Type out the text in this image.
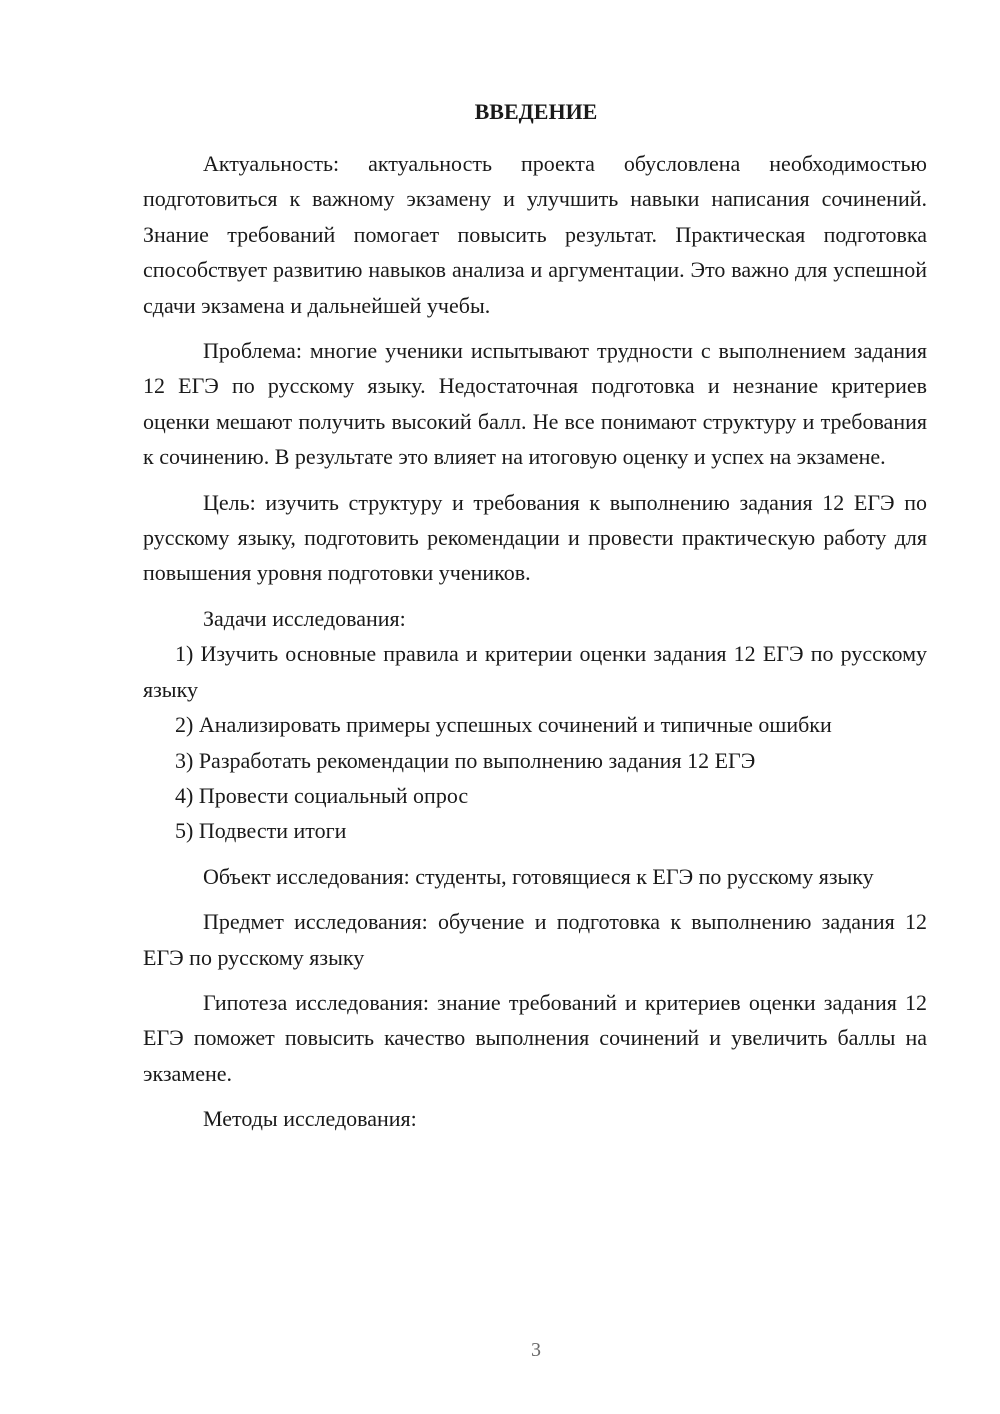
ВВЕДЕНИЕ

Актуальность: актуальность проекта обусловлена необходимостью подготовиться к важному экзамену и улучшить навыки написания сочинений. Знание требований помогает повысить результат. Практическая подготовка способствует развитию навыков анализа и аргументации. Это важно для успешной сдачи экзамена и дальнейшей учебы.

Проблема: многие ученики испытывают трудности с выполнением задания 12 ЕГЭ по русскому языку. Недостаточная подготовка и незнание критериев оценки мешают получить высокий балл. Не все понимают структуру и требования к сочинению. В результате это влияет на итоговую оценку и успех на экзамене.

Цель: изучить структуру и требования к выполнению задания 12 ЕГЭ по русскому языку, подготовить рекомендации и провести практическую работу для повышения уровня подготовки учеников.

Задачи исследования:

1) Изучить основные правила и критерии оценки задания 12 ЕГЭ по русскому языку

2) Анализировать примеры успешных сочинений и типичные ошибки

3) Разработать рекомендации по выполнению задания 12 ЕГЭ

4) Провести социальный опрос

5) Подвести итоги

Объект исследования: студенты, готовящиеся к ЕГЭ по русскому языку

Предмет исследования: обучение и подготовка к выполнению задания 12 ЕГЭ по русскому языку

Гипотеза исследования: знание требований и критериев оценки задания 12 ЕГЭ поможет повысить качество выполнения сочинений и увеличить баллы на экзамене.

Методы исследования:

3
